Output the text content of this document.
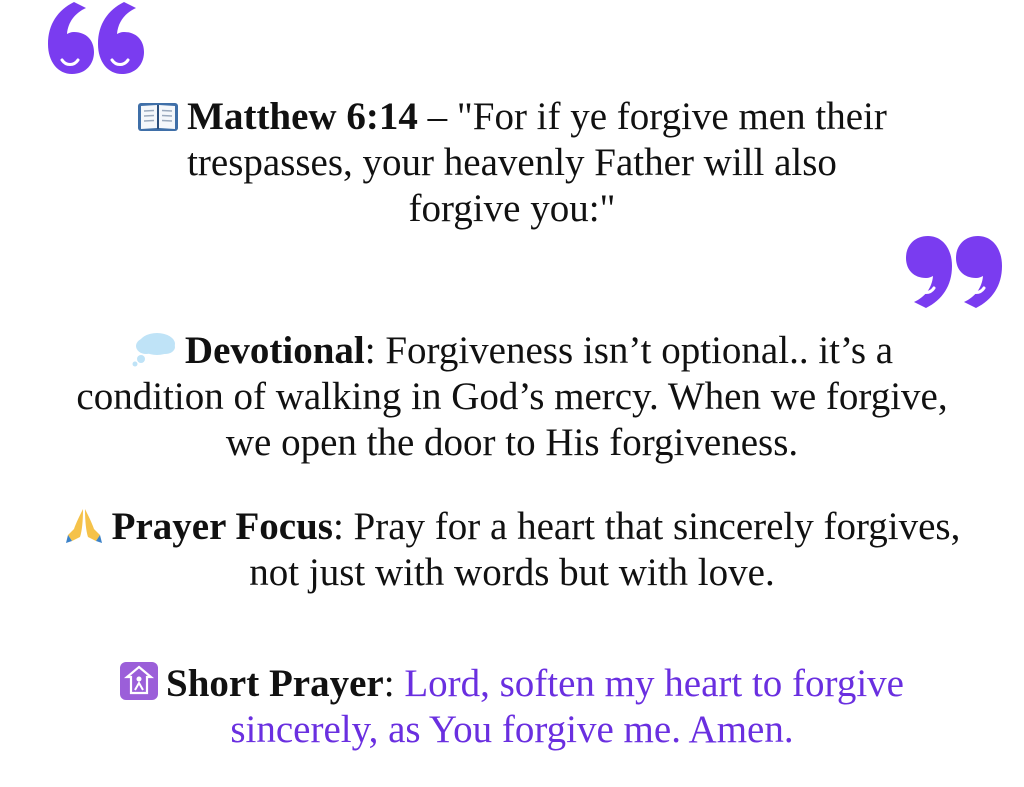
Matthew 6:14 – "For if ye forgive men their
trespasses, your heavenly Father will also
forgive you:"
Devotional: Forgiveness isn’t optional.. it’s a
condition of walking in God’s mercy. When we forgive,
we open the door to His forgiveness.
Prayer Focus: Pray for a heart that sincerely forgives,
not just with words but with love.
Short Prayer: Lord, soften my heart to forgive
sincerely, as You forgive me. Amen.
